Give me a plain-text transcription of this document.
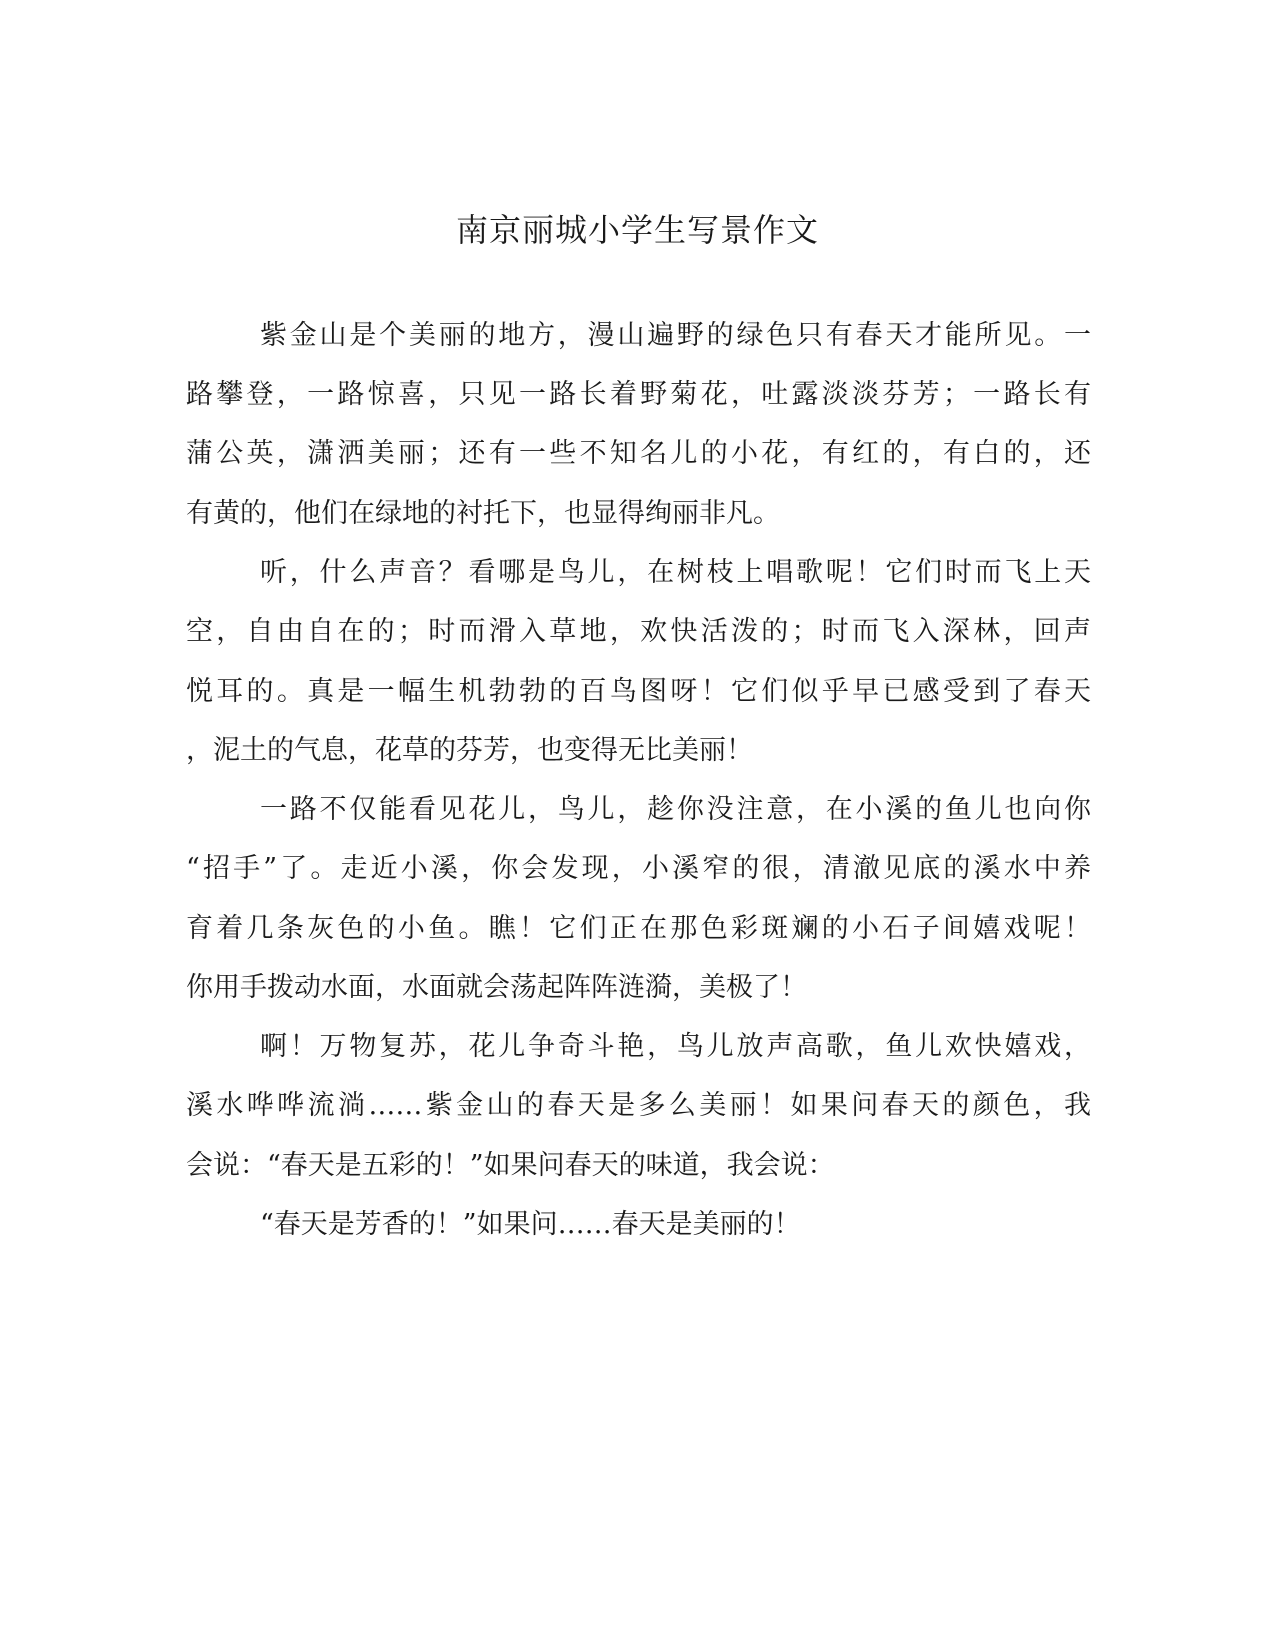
南京丽城小学生写景作文
紫金山是个美丽的地方，漫山遍野的绿色只有春天才能所见。一
路攀登，一路惊喜，只见一路长着野菊花，吐露淡淡芬芳；一路长有
蒲公英，潇洒美丽；还有一些不知名儿的小花，有红的，有白的，还
有黄的，他们在绿地的衬托下，也显得绚丽非凡。
听，什么声音？看哪是鸟儿，在树枝上唱歌呢！它们时而飞上天
空，自由自在的；时而滑入草地，欢快活泼的；时而飞入深林，回声
悦耳的。真是一幅生机勃勃的百鸟图呀！它们似乎早已感受到了春天
，泥土的气息，花草的芬芳，也变得无比美丽！
一路不仅能看见花儿，鸟儿，趁你没注意，在小溪的鱼儿也向你
“招手”了。走近小溪，你会发现，小溪窄的很，清澈见底的溪水中养
育着几条灰色的小鱼。瞧！它们正在那色彩斑斓的小石子间嬉戏呢！
你用手拨动水面，水面就会荡起阵阵涟漪，美极了！
啊！万物复苏，花儿争奇斗艳，鸟儿放声高歌，鱼儿欢快嬉戏，
溪水哗哗流淌……紫金山的春天是多么美丽！如果问春天的颜色，我
会说：“春天是五彩的！”如果问春天的味道，我会说：
“春天是芳香的！”如果问……春天是美丽的！
